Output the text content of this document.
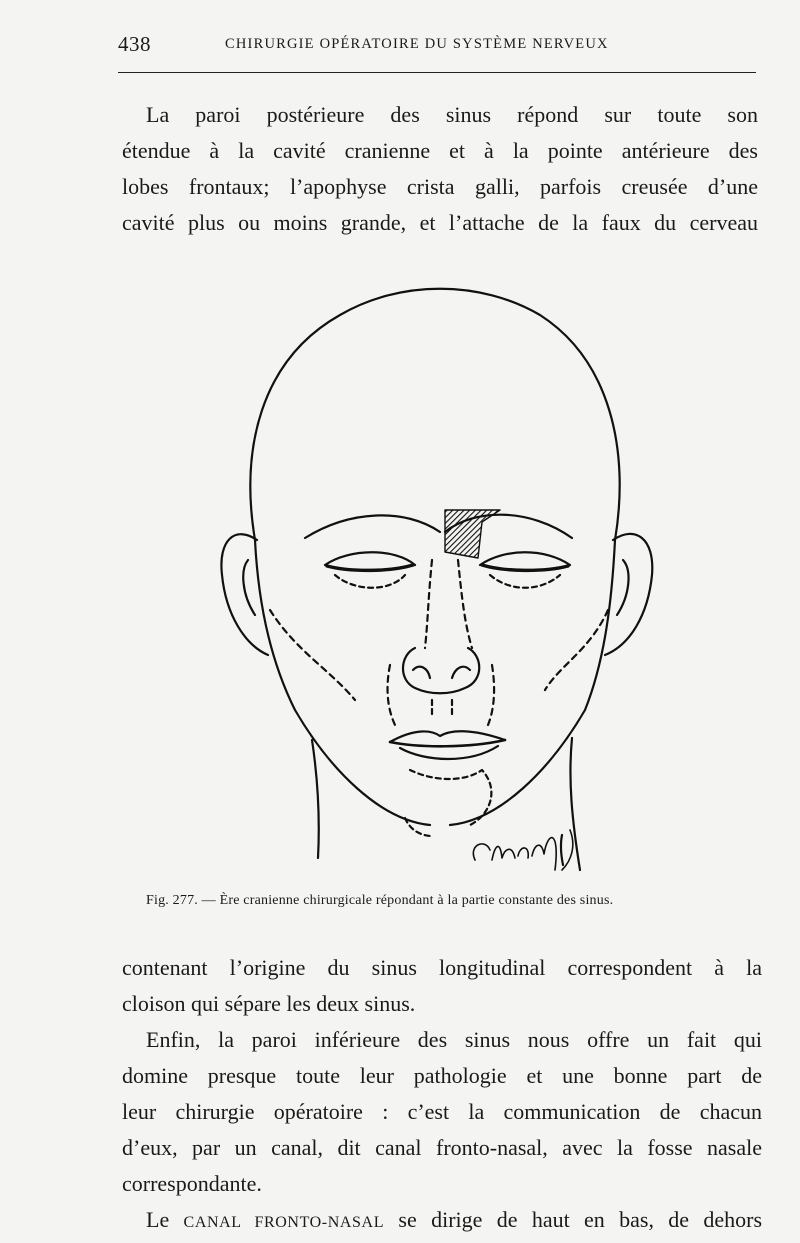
438	CHIRURGIE OPÉRATOIRE DU SYSTÈME NERVEUX

La paroi postérieure des sinus répond sur toute son
étendue à la cavité cranienne et à la pointe antérieure des
lobes frontaux; l’apophyse crista galli, parfois creusée d’une
cavité plus ou moins grande, et l’attache de la faux du cerveau

Fig. 277. — Ère cranienne chirurgicale répondant à la partie constante des sinus.

contenant l’origine du sinus longitudinal correspondent à la
cloison qui sépare les deux sinus.

Enfin, la paroi inférieure des sinus nous offre un fait qui
domine presque toute leur pathologie et une bonne part de
leur chirurgie opératoire : c’est la communication de chacun
d’eux, par un canal, dit canal fronto-nasal, avec la fosse nasale
correspondante.

Le CANAL FRONTO-NASAL se dirige de haut en bas, de dehors
